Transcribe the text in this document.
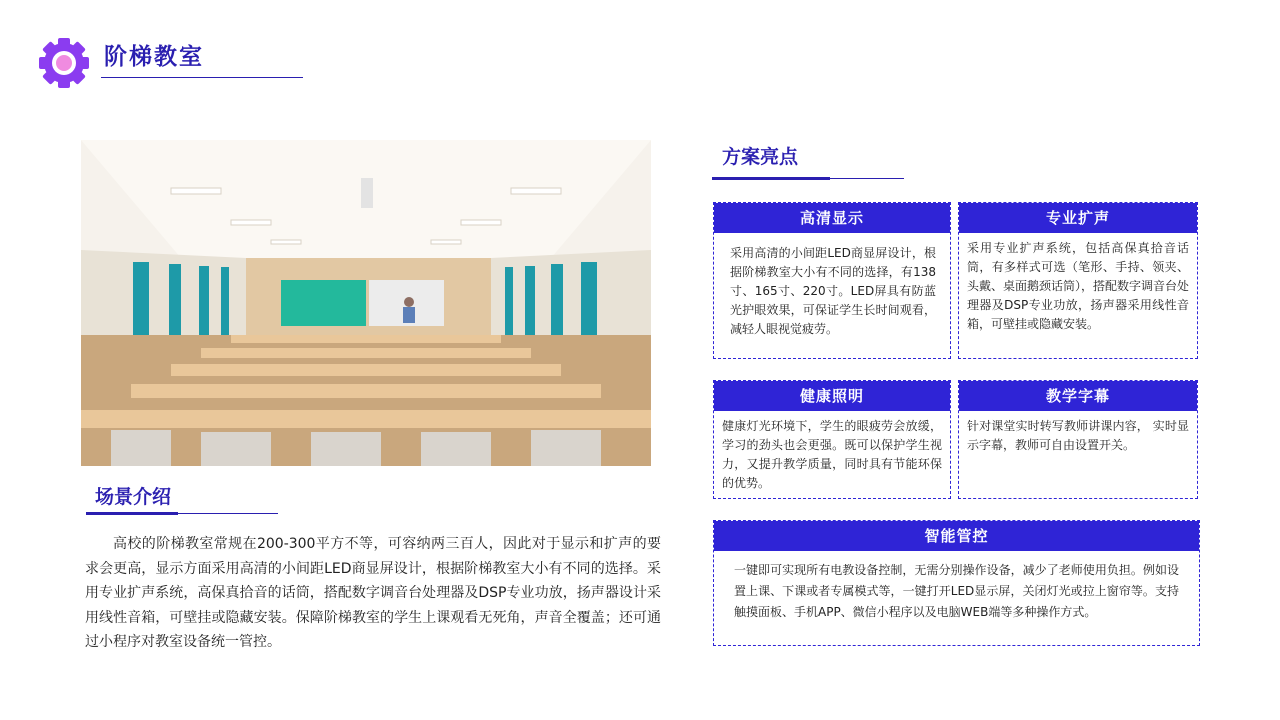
阶梯教室
场景介绍

高校的阶梯教室常规在200-300平方不等，可容纳两三百人，因此对于显示和扩声的要求会更高，显示方面采用高清的小间距LED商显屏设计，根据阶梯教室大小有不同的选择。采用专业扩声系统，高保真拾音的话筒，搭配数字调音台处理器及DSP专业功放，扬声器设计采用线性音箱，可壁挂或隐藏安装。保障阶梯教室的学生上课观看无死角，声音全覆盖；还可通过小程序对教室设备统一管控。

方案亮点
高清显示
采用高清的小间距LED商显屏设计，根据阶梯教室大小有不同的选择，有138寸、165寸、220寸。LED屏具有防蓝光护眼效果，可保证学生长时间观看，减轻人眼视觉疲劳。
专业扩声
采用专业扩声系统，包括高保真拾音话筒，有多样式可选（笔形、手持、领夹、头戴、桌面鹅颈话筒），搭配数字调音台处理器及DSP专业功放，扬声器采用线性音箱，可壁挂或隐藏安装。
健康照明
健康灯光环境下，学生的眼疲劳会放缓，学习的劲头也会更强。既可以保护学生视力，又提升教学质量，同时具有节能环保的优势。
教学字幕
针对课堂实时转写教师讲课内容， 实时显示字幕，教师可自由设置开关。
智能管控
一键即可实现所有电教设备控制，无需分别操作设备，减少了老师使用负担。例如设置上课、下课或者专属模式等，一键打开LED显示屏，关闭灯光或拉上窗帘等。支持触摸面板、手机APP、微信小程序以及电脑WEB端等多种操作方式。
